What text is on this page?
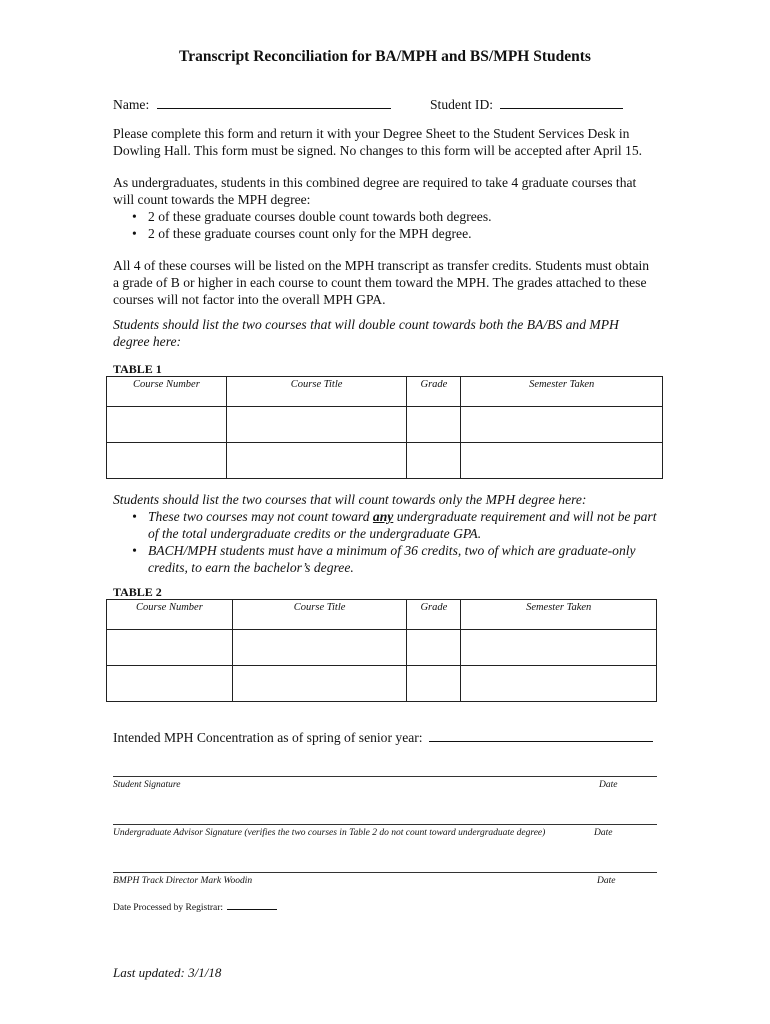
Transcript Reconciliation for BA/MPH and BS/MPH Students
Name:	Student ID:
Please complete this form and return it with your Degree Sheet to the Student Services Desk in Dowling Hall. This form must be signed. No changes to this form will be accepted after April 15.
As undergraduates, students in this combined degree are required to take 4 graduate courses that will count towards the MPH degree:
• 2 of these graduate courses double count towards both degrees.
• 2 of these graduate courses count only for the MPH degree.
All 4 of these courses will be listed on the MPH transcript as transfer credits. Students must obtain a grade of B or higher in each course to count them toward the MPH. The grades attached to these courses will not factor into the overall MPH GPA.
Students should list the two courses that will double count towards both the BA/BS and MPH degree here:
TABLE 1
Course Number	Course Title	Grade	Semester Taken

Students should list the two courses that will count towards only the MPH degree here:
• These two courses may not count toward any undergraduate requirement and will not be part of the total undergraduate credits or the undergraduate GPA.
• BACH/MPH students must have a minimum of 36 credits, two of which are graduate-only credits, to earn the bachelor’s degree.
TABLE 2
Course Number	Course Title	Grade	Semester Taken

Intended MPH Concentration as of spring of senior year:
Student Signature	Date
Undergraduate Advisor Signature (verifies the two courses in Table 2 do not count toward undergraduate degree)	Date
BMPH Track Director Mark Woodin	Date
Date Processed by Registrar:
Last updated: 3/1/18
